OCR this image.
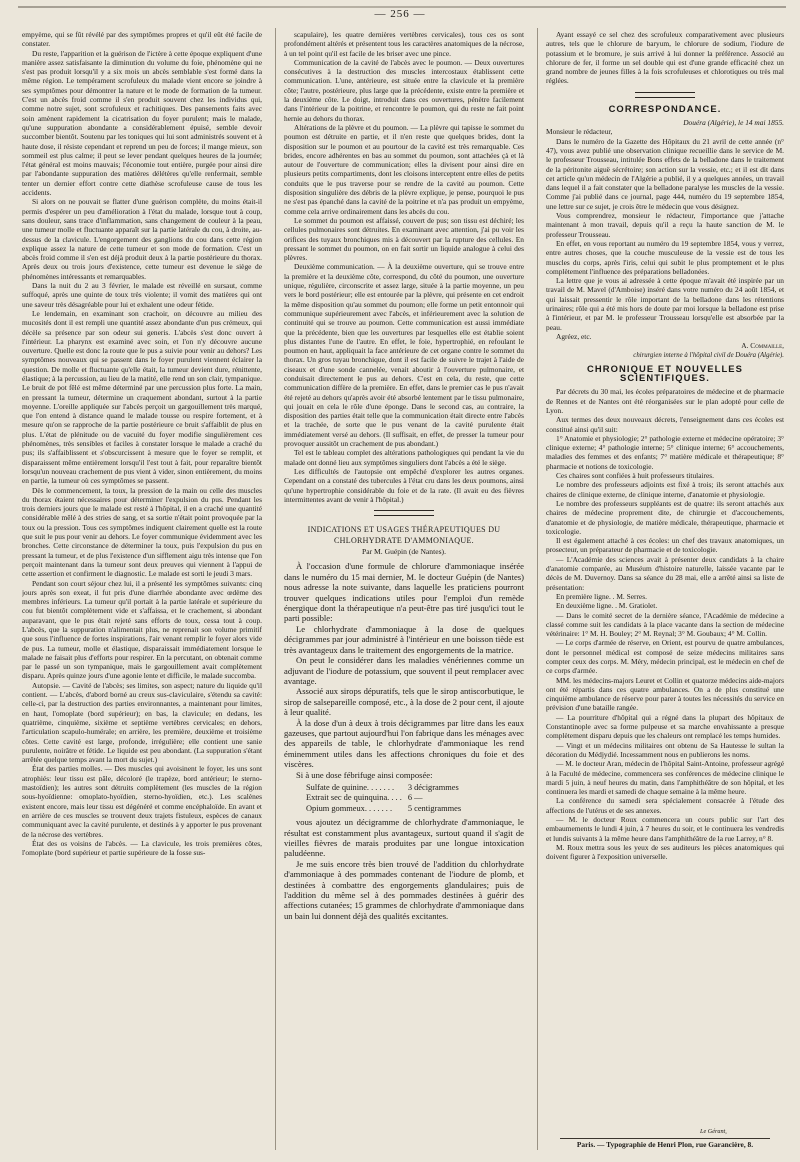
— 256 —

empyème, qui se fût révélé par des symptômes propres et qu'il eût été facile de constater.

Du reste, l'apparition et la guérison de l'ictère à cette époque expliquent d'une manière assez satisfaisante la diminution du volume du foie, phénomène qui ne s'est pas produit lorsqu'il y a six mois un abcès semblable s'est formé dans la même région. Le tempérament scrofuleux du malade vient encore se joindre à ses symptômes pour démontrer la nature et le mode de formation de la tumeur. C'est un abcès froid comme il s'en produit souvent chez les individus qui, comme notre sujet, sont scrofuleux et rachitiques. Des pansements faits avec soin amènent rapidement la cicatrisation du foyer purulent; mais le malade, qu'une suppuration abondante a considérablement épuisé, semble devoir succomber bientôt. Soutenu par les toniques qui lui sont administrés souvent et à haute dose, il résiste cependant et reprend un peu de forces; il mange mieux, son sommeil est plus calme; il peut se lever pendant quelques heures de la journée; l'état général est moins mauvais; l'économie tout entière, purgée pour ainsi dire par l'abondante suppuration des matières délétères qu'elle renfermait, semble tenter un dernier effort contre cette diathèse scrofuleuse cause de tous les accidents.

Si alors on ne pouvait se flatter d'une guérison complète, du moins était-il permis d'espérer un peu d'amélioration à l'état du malade, lorsque tout à coup, sans douleur, sans trace d'inflammation, sans changement de couleur à la peau, une tumeur molle et fluctuante apparaît sur la partie latérale du cou, à droite, au-dessus de la clavicule. L'engorgement des ganglions du cou dans cette région explique assez la nature de cette tumeur et son mode de formation. C'est un abcès froid comme il s'en est déjà produit deux à la partie postérieure du thorax. Après deux ou trois jours d'existence, cette tumeur est devenue le siège de phénomènes intéressants et remarquables.

Dans la nuit du 2 au 3 février, le malade est réveillé en sursaut, comme suffoqué, après une quinte de toux très violente; il vomit des matières qui ont une saveur très désagréable pour lui et exhalent une odeur fétide.

Le lendemain, en examinant son crachoir, on découvre au milieu des mucosités dont il est rempli une quantité assez abondante d'un pus crémeux, qui décèle sa présence par son odeur sui generis. L'abcès s'est donc ouvert à l'intérieur. La pharynx est examiné avec soin, et l'on n'y découvre aucune ouverture. Quelle est donc la route que le pus a suivie pour venir au dehors? Les symptômes nouveaux qui se passent dans le foyer purulent viennent éclairer la question. De molle et fluctuante qu'elle était, la tumeur devient dure, rénittente, élastique; à la percussion, au lieu de la matité, elle rend un son clair, tympanique. Le bruit de pot fêlé est même déterminé par une percussion plus forte. La main, en pressant la tumeur, détermine un craquement abondant, surtout à la partie moyenne. L'oreille appliquée sur l'abcès perçoit un gargouillement très marqué, que l'on entend à distance quand le malade tousse ou respire fortement, et à mesure qu'on se rapproche de la partie postérieure ce bruit s'affaiblit de plus en plus. L'état de plénitude ou de vacuité du foyer modifie singulièrement ces phénomènes, très sensibles et faciles à constater lorsque le malade a craché du pus; ils s'affaiblissent et s'obscurcissent à mesure que le foyer se remplit, et disparaissent même entièrement lorsqu'il l'est tout à fait, pour reparaître bientôt lorsqu'un nouveau crachement de pus vient à vider, sinon entièrement, du moins en partie, la tumeur où ces symptômes se passent.

Dès le commencement, la toux, la pression de la main ou celle des muscles du thorax étaient nécessaires pour déterminer l'expulsion du pus. Pendant les trois derniers jours que le malade est resté à l'hôpital, il en a craché une quantité considérable mêlé à des stries de sang, et sa sortie n'était point provoquée par la toux ou la pression. Tous ces symptômes indiquent clairement quelle est la route que suit le pus pour venir au dehors. Le foyer communique évidemment avec les bronches. Cette circonstance de déterminer la toux, puis l'expulsion du pus en pressant la tumeur, et de plus l'existence d'un sifflement aigu très intense que l'on perçoit maintenant dans la tumeur sont deux preuves qui viennent à l'appui de cette assertion et confirment le diagnostic. Le malade est sorti le jeudi 3 mars.

Pendant son court séjour chez lui, il a présenté les symptômes suivants: cinq jours après son exeat, il fut pris d'une diarrhée abondante avec œdème des membres inférieurs. La tumeur qu'il portait à la partie latérale et supérieure du cou fut bientôt complètement vide et s'affaissa, et le crachement, si abondant auparavant, que le pus était rejeté sans efforts de toux, cessa tout à coup. L'abcès, que la suppuration n'alimentait plus, ne reprenait son volume primitif que sous l'influence de fortes inspirations, l'air venant remplir le foyer alors vide de pus. La tumeur, molle et élastique, disparaissait immédiatement lorsque le malade ne faisait plus d'efforts pour respirer. En la percutant, on obtenait comme par le passé un son tympanique, mais le gargouillement avait complètement disparu. Après quinze jours d'une agonie lente et difficile, le malade succomba.

Autopsie. — Cavité de l'abcès; ses limites, son aspect; nature du liquide qu'il contient. — L'abcès, d'abord borné au creux sus-claviculaire, s'étendu sa cavité: celle-ci, par la destruction des parties environnantes, a maintenant pour limites, en haut, l'omoplate (bord supérieur); en bas, la clavicule; en dedans, les quatrième, cinquième, sixième et septième vertèbres cervicales; en dehors, l'articulation scapulo-humérale; en arrière, les première, deuxième et troisième côtes. Cette cavité est large, profonde, irrégulière; elle contient une sanie purulente, noirâtre et fétide. Le liquide est peu abondant. (La suppuration s'étant arrêtée quelque temps avant la mort du sujet.)

État des parties molles. — Des muscles qui avoisinent le foyer, les uns sont atrophiés: leur tissu est pâle, décoloré (le trapèze, bord antérieur; le sterno-mastoïdien); les autres sont détruits complètement (les muscles de la région sous-hyoïdienne: omoplato-hyoïdien, sterno-hyoïdien, etc.). Les scalènes existent encore, mais leur tissu est dégénéré et comme encéphaloïde. En avant et en arrière de ces muscles se trouvent deux trajets fistuleux, espèces de canaux communiquant avec la cavité purulente, et destinés à y apporter le pus provenant de la nécrose des vertèbres.

État des os voisins de l'abcès. — La clavicule, les trois premières côtes, l'omoplate (bord supérieur et partie supérieure de la fosse sus-

scapulaire), les quatre dernières vertèbres cervicales), tous ces os sont profondément altérés et présentent tous les caractères anatomiques de la nécrose, à un tel point qu'il est facile de les briser avec une pince.

Communication de la cavité de l'abcès avec le poumon. — Deux ouvertures consécutives à la destruction des muscles intercostaux établissent cette communication. L'une, antérieure, est située entre la clavicule et la première côte; l'autre, postérieure, plus large que la précédente, existe entre la première et la deuxième côte. Le doigt, introduit dans ces ouvertures, pénètre facilement dans l'intérieur de la poitrine, et rencontre le poumon, qui du reste ne fait point hernie au dehors du thorax.

Altérations de la plèvre et du poumon. — La plèvre qui tapisse le sommet du poumon est détruite en partie, et il n'en reste que quelques brides, dont la disposition sur le poumon et au pourtour de la cavité est très remarquable. Ces brides, encore adhérentes en bas au sommet du poumon, sont attachées çà et là autour de l'ouverture de communication; elles la divisent pour ainsi dire en plusieurs petits compartiments, dont les cloisons interceptent entre elles de petits conduits que le pus traverse pour se rendre de la cavité au poumon. Cette disposition singulière des débris de la plèvre explique, je pense, pourquoi le pus ne s'est pas épanché dans la cavité de la poitrine et n'a pas produit un empyème, comme cela arrive ordinairement dans les abcès du cou.

Le sommet du poumon est affaissé, couvert de pus; son tissu est déchiré; les cellules pulmonaires sont détruites. En examinant avec attention, j'ai pu voir les orifices des tuyaux bronchiques mis à découvert par la rupture des cellules. En pressant le sommet du poumon, on en fait sortir un liquide analogue à celui des plèvres.

Deuxième communication. — À la deuxième ouverture, qui se trouve entre la première et la deuxième côte, correspond, du côté du poumon, une ouverture unique, régulière, circonscrite et assez large, située à la partie moyenne, un peu vers le bord postérieur; elle est entourée par la plèvre, qui présente en cet endroit la même disposition qu'au sommet du poumon; elle forme un petit entonnoir qui communique supérieurement avec l'abcès, et inférieurement avec la solution de continuité qui se trouve au poumon. Cette communication est aussi immédiate que la précédente, bien que les ouvertures par lesquelles elle est établie soient plus distantes l'une de l'autre. En effet, le foie, hypertrophié, en refoulant le poumon en haut, appliquait la face antérieure de cet organe contre le sommet du thorax. Un gros tuyau bronchique, dont il est facile de suivre le trajet à l'aide de ciseaux et d'une sonde cannelée, venait aboutir à l'ouverture pulmonaire, et conduisait directement le pus au dehors. C'est en cela, du reste, que cette communication diffère de la première. En effet, dans le premier cas le pus n'avait été rejeté au dehors qu'après avoir été absorbé lentement par le tissu pulmonaire, qui jouait en cela le rôle d'une éponge. Dans le second cas, au contraire, la disposition des parties était telle que la communication était directe entre l'abcès et la trachée, de sorte que le pus venant de la cavité purulente était immédiatement versé au dehors. (Il suffisait, en effet, de presser la tumeur pour provoquer aussitôt un crachement de pus abondant.)

Tel est le tableau complet des altérations pathologiques qui pendant la vie du malade ont donné lieu aux symptômes singuliers dont l'abcès a été le siège.

Les difficultés de l'autopsie ont empêché d'explorer les autres organes. Cependant on a constaté des tubercules à l'état cru dans les deux poumons, ainsi qu'une hypertrophie considérable du foie et de la rate. (Il avait eu des fièvres intermittentes avant de venir à l'hôpital.)

INDICATIONS ET USAGES THÉRAPEUTIQUES DU CHLORHYDRATE D'AMMONIAQUE.
Par M. Guépin (de Nantes).

À l'occasion d'une formule de chlorure d'ammoniaque insérée dans le numéro du 15 mai dernier, M. le docteur Guépin (de Nantes) nous adresse la note suivante, dans laquelle les praticiens pourront trouver quelques indications utiles pour l'emploi d'un remède énergique dont la thérapeutique n'a peut-être pas tiré jusqu'ici tout le parti possible:

Le chlorhydrate d'ammoniaque à la dose de quelques décigrammes par jour administré à l'intérieur en une boisson tiède est très avantageux dans le traitement des engorgements de la matrice.

On peut le considérer dans les maladies vénériennes comme un adjuvant de l'iodure de potassium, que souvent il peut remplacer avec avantage.

Associé aux sirops dépuratifs, tels que le sirop antiscorbutique, le sirop de salsepareille composé, etc., à la dose de 2 pour cent, il ajoute à leur qualité.

À la dose d'un à deux à trois décigrammes par litre dans les eaux gazeuses, que partout aujourd'hui l'on fabrique dans les ménages avec des appareils de table, le chlorhydrate d'ammoniaque les rend éminemment utiles dans les affections chroniques du foie et des viscères.

Si à une dose fébrifuge ainsi composée:

Sulfate de quinine. . . . . . .	3 décigrammes
Extrait sec de quinquina. . . .	6 —
Opium gommeux. . . . . . .	5 centigrammes

vous ajoutez un décigramme de chlorhydrate d'ammoniaque, le résultat est constamment plus avantageux, surtout quand il s'agit de vieilles fièvres de marais produites par une longue intoxication paludéenne.

Je me suis encore très bien trouvé de l'addition du chlorhydrate d'ammoniaque à des pommades contenant de l'iodure de plomb, et destinées à combattre des engorgements glandulaires; puis de l'addition du même sel à des pommades destinées à guérir des affections cutanées; 15 grammes de chlorhydrate d'ammoniaque dans un bain lui donnent déjà des qualités excitantes.

Ayant essayé ce sel chez des scrofuleux comparativement avec plusieurs autres, tels que le chlorure de baryum, le chlorure de sodium, l'iodure de potassium et le bromure, je suis arrivé à lui donner la préférence. Associé au chlorure de fer, il forme un sel double qui est d'une grande efficacité chez un grand nombre de jeunes filles à la fois scrofuleuses et chlorotiques ou très mal réglées.

CORRESPONDANCE.
Douéra (Algérie), le 14 mai 1855.

Monsieur le rédacteur,

Dans le numéro de la Gazette des Hôpitaux du 21 avril de cette année (n° 47), vous avez publié une observation clinique recueillie dans le service de M. le professeur Trousseau, intitulée Bons effets de la belladone dans le traitement de la péritonite aiguë sécrétoire; son action sur la vessie, etc.; et il est dit dans cet article qu'un médecin de l'Algérie a publié, il y a quelques années, un travail dans lequel il a fait constater que la belladone paralyse les muscles de la vessie. Comme j'ai publié dans ce journal, page 444, numéro du 19 septembre 1854, une lettre sur ce sujet, je crois être le médecin que vous désignez.

Vous comprendrez, monsieur le rédacteur, l'importance que j'attache maintenant à mon travail, depuis qu'il a reçu la haute sanction de M. le professeur Trousseau.

En effet, en vous reportant au numéro du 19 septembre 1854, vous y verrez, entre autres choses, que la couche musculeuse de la vessie est de tous les muscles du corps, après l'iris, celui qui subit le plus promptement et le plus complètement l'influence des préparations belladonées.

La lettre que je vous ai adressée à cette époque m'avait été inspirée par un travail de M. Mavel (d'Amboise) inséré dans votre numéro du 24 août 1854, et qui laissait pressentir le rôle important de la belladone dans les rétentions urinaires; rôle qui a été mis hors de doute par moi lorsque la belladone est prise à l'intérieur, et par M. le professeur Trousseau lorsqu'elle est absorbée par la peau.

Agréez, etc.

A. Commaille,
chirurgien interne à l'hôpital civil de Douéra (Algérie).
CHRONIQUE ET NOUVELLES SCIENTIFIQUES.

Par décrets du 30 mai, les écoles préparatoires de médecine et de pharmacie de Rennes et de Nantes ont été réorganisées sur le plan adopté pour celle de Lyon.

Aux termes des deux nouveaux décrets, l'enseignement dans ces écoles est constitué ainsi qu'il suit:

1° Anatomie et physiologie; 2° pathologie externe et médecine opératoire; 3° clinique externe; 4° pathologie interne; 5° clinique interne; 6° accouchements, maladies des femmes et des enfants; 7° matière médicale et thérapeutique; 8° pharmacie et notions de toxicologie.

Ces chaires sont confiées à huit professeurs titulaires.

Le nombre des professeurs adjoints est fixé à trois; ils seront attachés aux chaires de clinique externe, de clinique interne, d'anatomie et physiologie.

Le nombre des professeurs suppléants est de quatre: ils seront attachés aux chaires de médecine proprement dite, de chirurgie et d'accouchements, d'anatomie et de physiologie, de matière médicale, thérapeutique, pharmacie et toxicologie.

Il est également attaché à ces écoles: un chef des travaux anatomiques, un prosecteur, un préparateur de pharmacie et de toxicologie.

— L'Académie des sciences avait à présenter deux candidats à la chaire d'anatomie comparée, au Muséum d'histoire naturelle, laissée vacante par le décès de M. Duvernoy. Dans sa séance du 28 mai, elle a arrêté ainsi sa liste de présentation:

En première ligne. . M. Serres.

En deuxième ligne. . M. Gratiolet.

— Dans le comité secret de la dernière séance, l'Académie de médecine a classé comme suit les candidats à la place vacante dans la section de médecine vétérinaire: 1° M. H. Bouley; 2° M. Reynal; 3° M. Goubaux; 4° M. Collin.

— Le corps d'armée de réserve, en Orient, est pourvu de quatre ambulances, dont le personnel médical est composé de seize médecins militaires sans compter ceux des corps. M. Méry, médecin principal, est le médecin en chef de ce corps d'armée.

MM. les médecins-majors Leuret et Collin et quatorze médecins aide-majors ont été répartis dans ces quatre ambulances. On a de plus constitué une cinquième ambulance de réserve pour parer à toutes les nécessités du service en prévision d'une bataille rangée.

— La pourriture d'hôpital qui a régné dans la plupart des hôpitaux de Constantinople avec sa forme pulpeuse et sa marche envahissante a presque complètement disparu depuis que les chaleurs ont remplacé les temps humides.

— Vingt et un médecins militaires ont obtenu de Sa Hautesse le sultan la décoration du Médjydié. Incessamment nous en publierons les noms.

— M. le docteur Aran, médecin de l'hôpital Saint-Antoine, professeur agrégé à la Faculté de médecine, commencera ses conférences de médecine clinique le mardi 5 juin, à neuf heures du matin, dans l'amphithéâtre de son hôpital, et les continuera les mardi et samedi de chaque semaine à la même heure.

La conférence du samedi sera spécialement consacrée à l'étude des affections de l'utérus et de ses annexes.

— M. le docteur Roux commencera un cours public sur l'art des embaumements le lundi 4 juin, à 7 heures du soir, et le continuera les vendredis et lundis suivants à la même heure dans l'amphithéâtre de la rue Larrey, n° 8.

M. Roux mettra sous les yeux de ses auditeurs les pièces anatomiques qui doivent figurer à l'exposition universelle.

Le Gérant,
Paris. — Typographie de Henri Plon, rue Garancière, 8.
